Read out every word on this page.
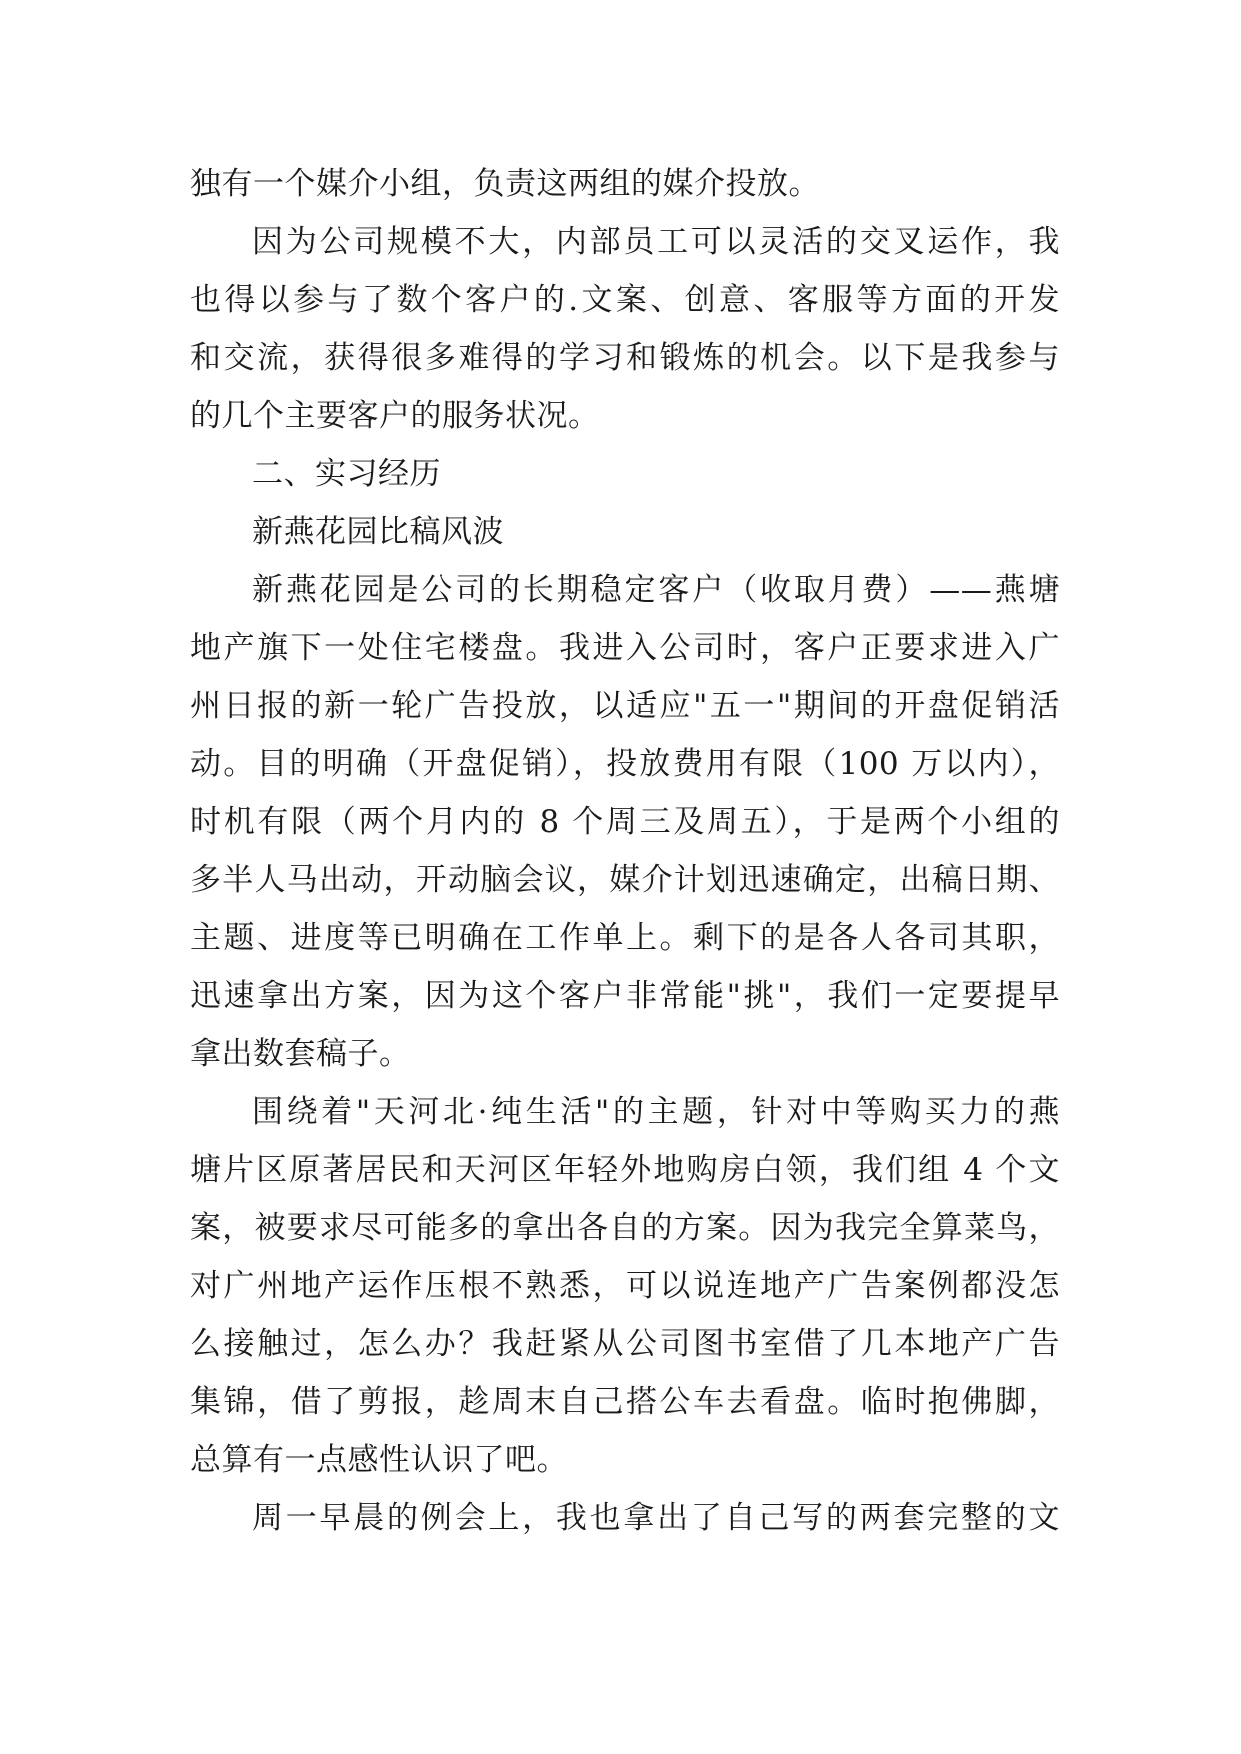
独有一个媒介小组，负责这两组的媒介投放。
因为公司规模不大，内部员工可以灵活的交叉运作，我
也得以参与了数个客户的.文案、创意、客服等方面的开发
和交流，获得很多难得的学习和锻炼的机会。以下是我参与
的几个主要客户的服务状况。
二、实习经历
新燕花园比稿风波
新燕花园是公司的长期稳定客户（收取月费）——燕塘
地产旗下一处住宅楼盘。我进入公司时，客户正要求进入广
州日报的新一轮广告投放，以适应"五一"期间的开盘促销活
动。目的明确（开盘促销），投放费用有限（100 万以内），
时机有限（两个月内的 8 个周三及周五），于是两个小组的
多半人马出动，开动脑会议，媒介计划迅速确定，出稿日期、
主题、进度等已明确在工作单上。剩下的是各人各司其职，
迅速拿出方案，因为这个客户非常能"挑"，我们一定要提早
拿出数套稿子。
围绕着"天河北·纯生活"的主题，针对中等购买力的燕
塘片区原著居民和天河区年轻外地购房白领，我们组 4 个文
案，被要求尽可能多的拿出各自的方案。因为我完全算菜鸟，
对广州地产运作压根不熟悉，可以说连地产广告案例都没怎
么接触过，怎么办？我赶紧从公司图书室借了几本地产广告
集锦，借了剪报，趁周末自己搭公车去看盘。临时抱佛脚，
总算有一点感性认识了吧。
周一早晨的例会上，我也拿出了自己写的两套完整的文
